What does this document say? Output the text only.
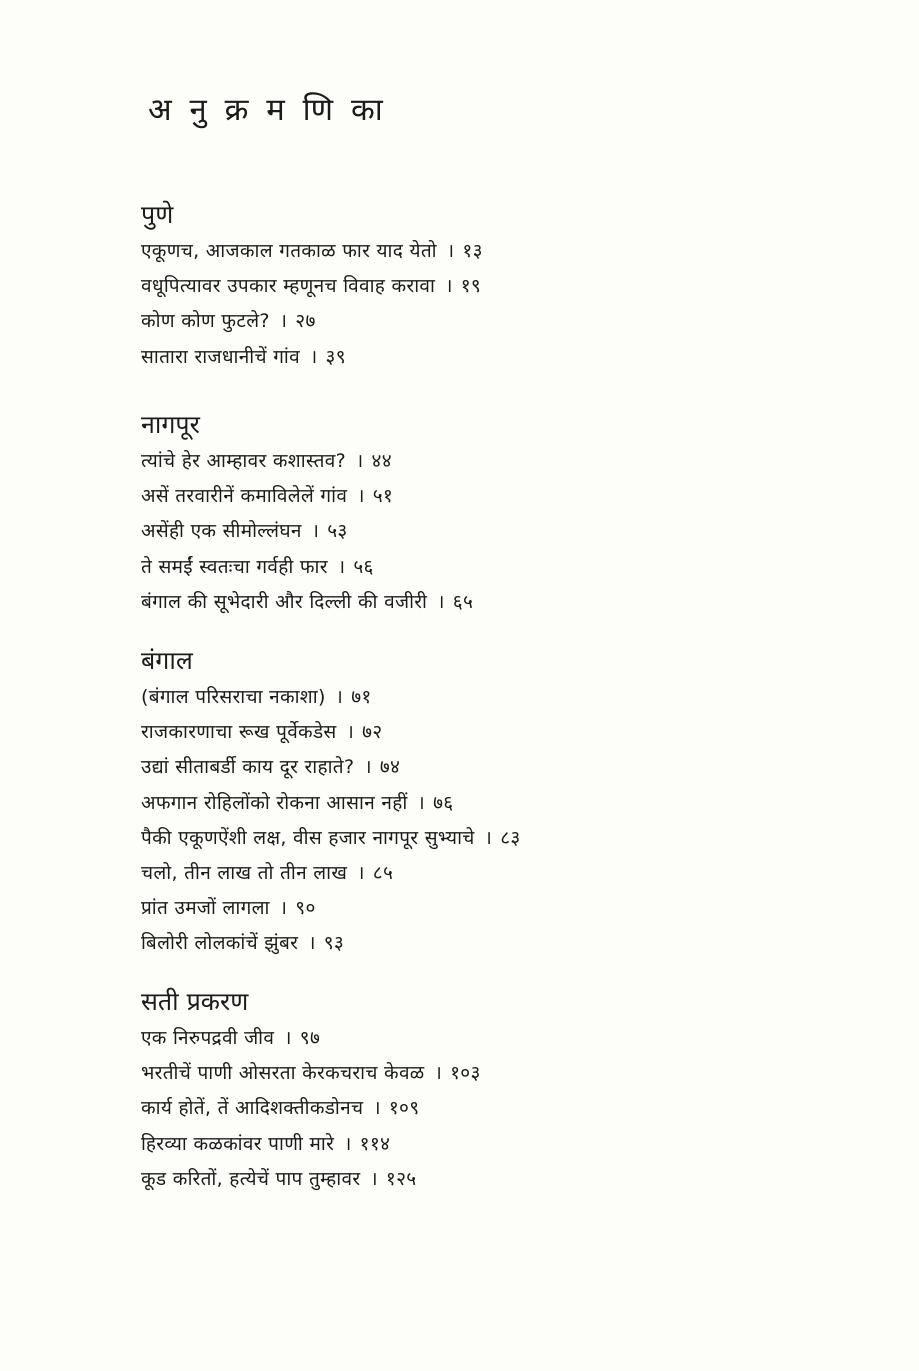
अ नु क्र म णि का
पुणे
एकूणच, आजकाल गतकाळ फार याद येतो । १३
वधूपित्यावर उपकार म्हणूनच विवाह करावा । १९
कोण कोण फुटले? । २७
सातारा राजधानीचें गांव । ३९
नागपूर
त्यांचे हेर आम्हावर कशास्तव? । ४४
असें तरवारीनें कमाविलेलें गांव । ५१
असेंही एक सीमोल्लंघन । ५३
ते समईं स्वतःचा गर्वही फार । ५६
बंगाल की सूभेदारी और दिल्ली की वजीरी । ६५
बंगाल
(बंगाल परिसराचा नकाशा) । ७१
राजकारणाचा रूख पूर्वेकडेस । ७२
उद्यां सीताबर्डी काय दूर राहाते? । ७४
अफगान रोहिलोंको रोकना आसान नहीं । ७६
पैकी एकूणऐंशी लक्ष, वीस हजार नागपूर सुभ्याचे । ८३
चलो, तीन लाख तो तीन लाख । ८५
प्रांत उमजों लागला । ९०
बिलोरी लोलकांचें झुंबर । ९३
सती प्रकरण
एक निरुपद्रवी जीव । ९७
भरतीचें पाणी ओसरता केरकचराच केवळ । १०३
कार्य होतें, तें आदिशक्तीकडोनच । १०९
हिरव्या कळकांवर पाणी मारे । ११४
कूड करितों, हत्येचें पाप तुम्हावर । १२५
